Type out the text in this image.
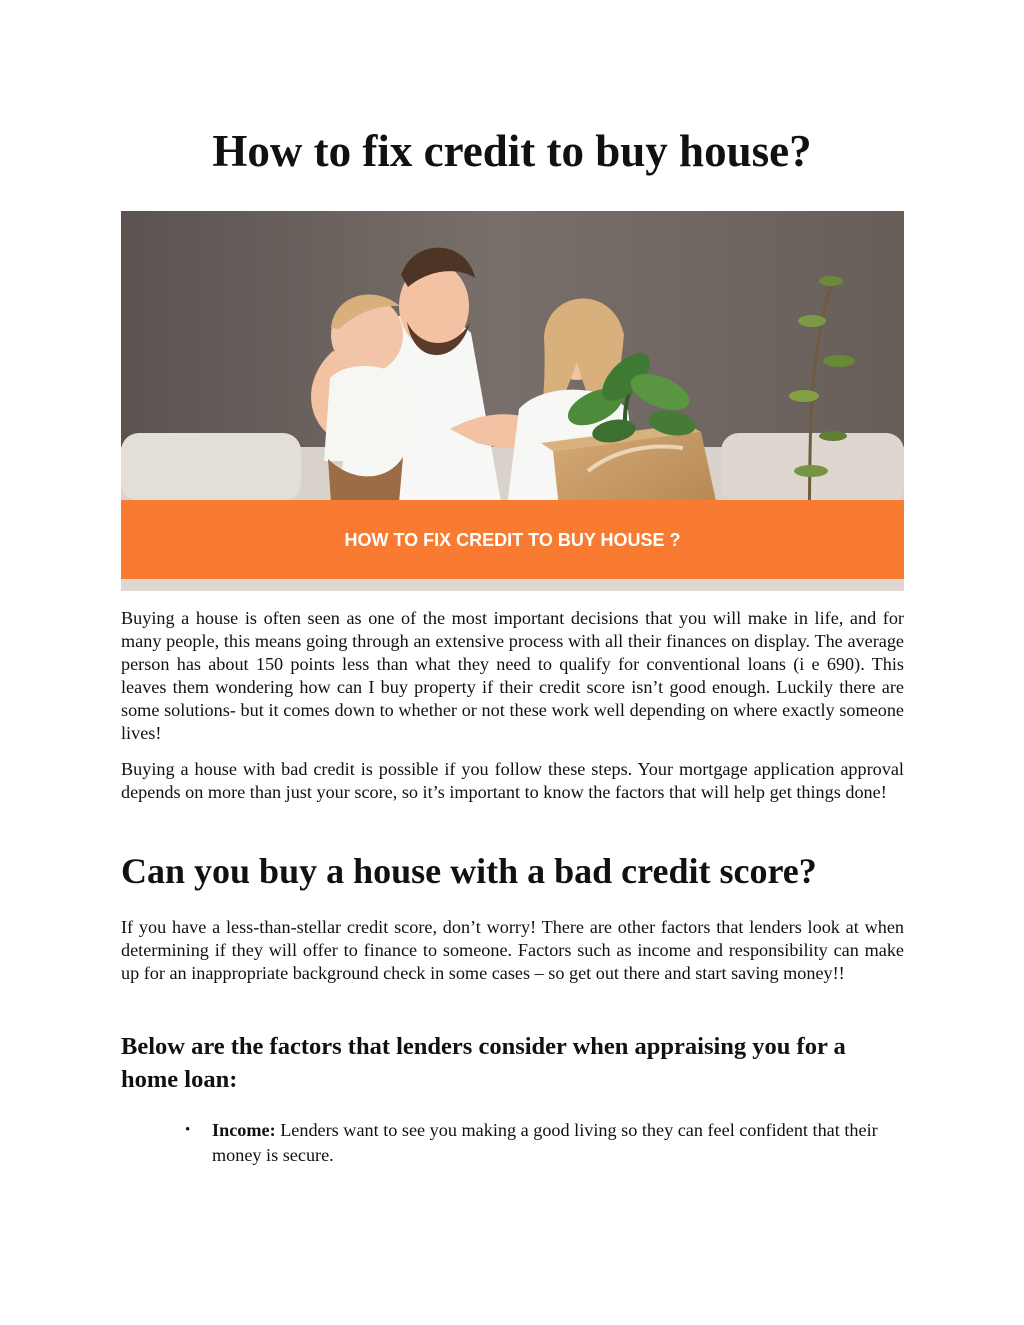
How to fix credit to buy house?
HOW TO FIX CREDIT TO BUY HOUSE ?

Buying a house is often seen as one of the most important decisions that you will make in life, and for many people, this means going through an extensive process with all their finances on display. The average person has about 150 points less than what they need to qualify for conventional loans (i e 690). This leaves them wondering how can I buy property if their credit score isn’t good enough. Luckily there are some solutions- but it comes down to whether or not these work well depending on where exactly someone lives!

Buying a house with bad credit is possible if you follow these steps. Your mortgage application approval depends on more than just your score, so it’s important to know the factors that will help get things done!

Can you buy a house with a bad credit score?

If you have a less-than-stellar credit score, don’t worry! There are other factors that lenders look at when determining if they will offer to finance to someone. Factors such as income and responsibility can make up for an inappropriate background check in some cases – so get out there and start saving money!!

Below are the factors that lenders consider when appraising you for a home loan:
• Income: Lenders want to see you making a good living so they can feel confident that their money is secure.
